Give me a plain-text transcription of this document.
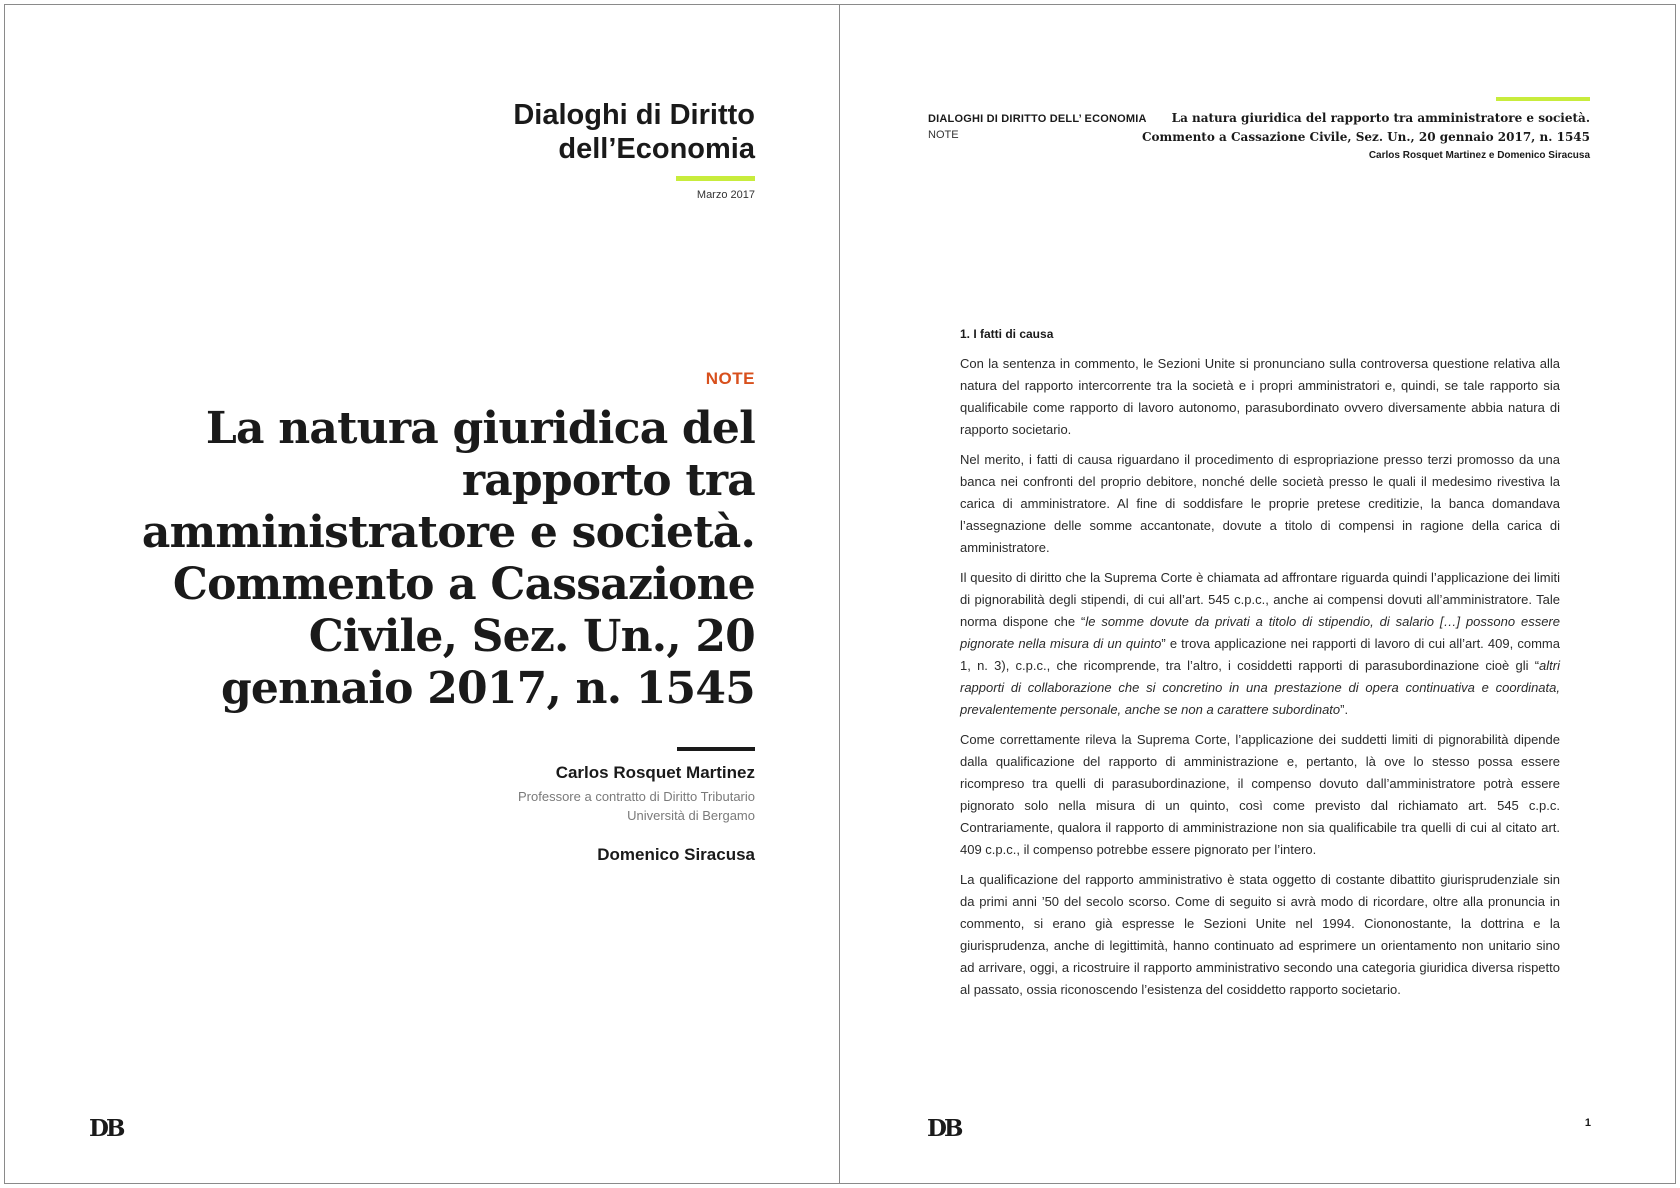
Dialoghi di Diritto
dell’Economia
Marzo 2017
NOTE
La natura giuridica del rapporto tra amministratore e società. Commento a Cassazione Civile, Sez. Un., 20 gennaio 2017, n. 1545
Carlos Rosquet Martinez
Professore a contratto di Diritto Tributario
Università di Bergamo
Domenico Siracusa
DB
DIALOGHI DI DIRITTO DELL’ ECONOMIA
NOTE
La natura giuridica del rapporto tra amministratore e società. Commento a Cassazione Civile, Sez. Un., 20 gennaio 2017, n. 1545
Carlos Rosquet Martinez e Domenico Siracusa
1. I fatti di causa

Con la sentenza in commento, le Sezioni Unite si pronunciano sulla controversa questione relativa alla natura del rapporto intercorrente tra la società e i propri amministratori e, quindi, se tale rapporto sia qualificabile come rapporto di lavoro autonomo, parasubordinato ovvero diversamente abbia natura di rapporto societario.

Nel merito, i fatti di causa riguardano il procedimento di espropriazione presso terzi promosso da una banca nei confronti del proprio debitore, nonché delle società presso le quali il medesimo rivestiva la carica di amministratore. Al fine di soddisfare le proprie pretese creditizie, la banca domandava l’assegnazione delle somme accantonate, dovute a titolo di compensi in ragione della carica di amministratore.

Il quesito di diritto che la Suprema Corte è chiamata ad affrontare riguarda quindi l’applicazione dei limiti di pignorabilità degli stipendi, di cui all’art. 545 c.p.c., anche ai compensi dovuti all’amministratore. Tale norma dispone che “le somme dovute da privati a titolo di stipendio, di salario […] possono essere pignorate nella misura di un quinto” e trova applicazione nei rapporti di lavoro di cui all’art. 409, comma 1, n. 3), c.p.c., che ricomprende, tra l’altro, i cosiddetti rapporti di parasubordinazione cioè gli “altri rapporti di collaborazione che si concretino in una prestazione di opera continuativa e coordinata, prevalentemente personale, anche se non a carattere subordinato”.

Come correttamente rileva la Suprema Corte, l’applicazione dei suddetti limiti di pignorabilità dipende dalla qualificazione del rapporto di amministrazione e, pertanto, là ove lo stesso possa essere ricompreso tra quelli di parasubordinazione, il compenso dovuto dall’amministratore potrà essere pignorato solo nella misura di un quinto, così come previsto dal richiamato art. 545 c.p.c. Contrariamente, qualora il rapporto di amministrazione non sia qualificabile tra quelli di cui al citato art. 409 c.p.c., il compenso potrebbe essere pignorato per l’intero.

La qualificazione del rapporto amministrativo è stata oggetto di costante dibattito giurisprudenziale sin da primi anni ’50 del secolo scorso. Come di seguito si avrà modo di ricordare, oltre alla pronuncia in commento, si erano già espresse le Sezioni Unite nel 1994. Ciononostante, la dottrina e la giurisprudenza, anche di legittimità, hanno continuato ad esprimere un orientamento non unitario sino ad arrivare, oggi, a ricostruire il rapporto amministrativo secondo una categoria giuridica diversa rispetto al passato, ossia riconoscendo l’esistenza del cosiddetto rapporto societario.

DB	1
